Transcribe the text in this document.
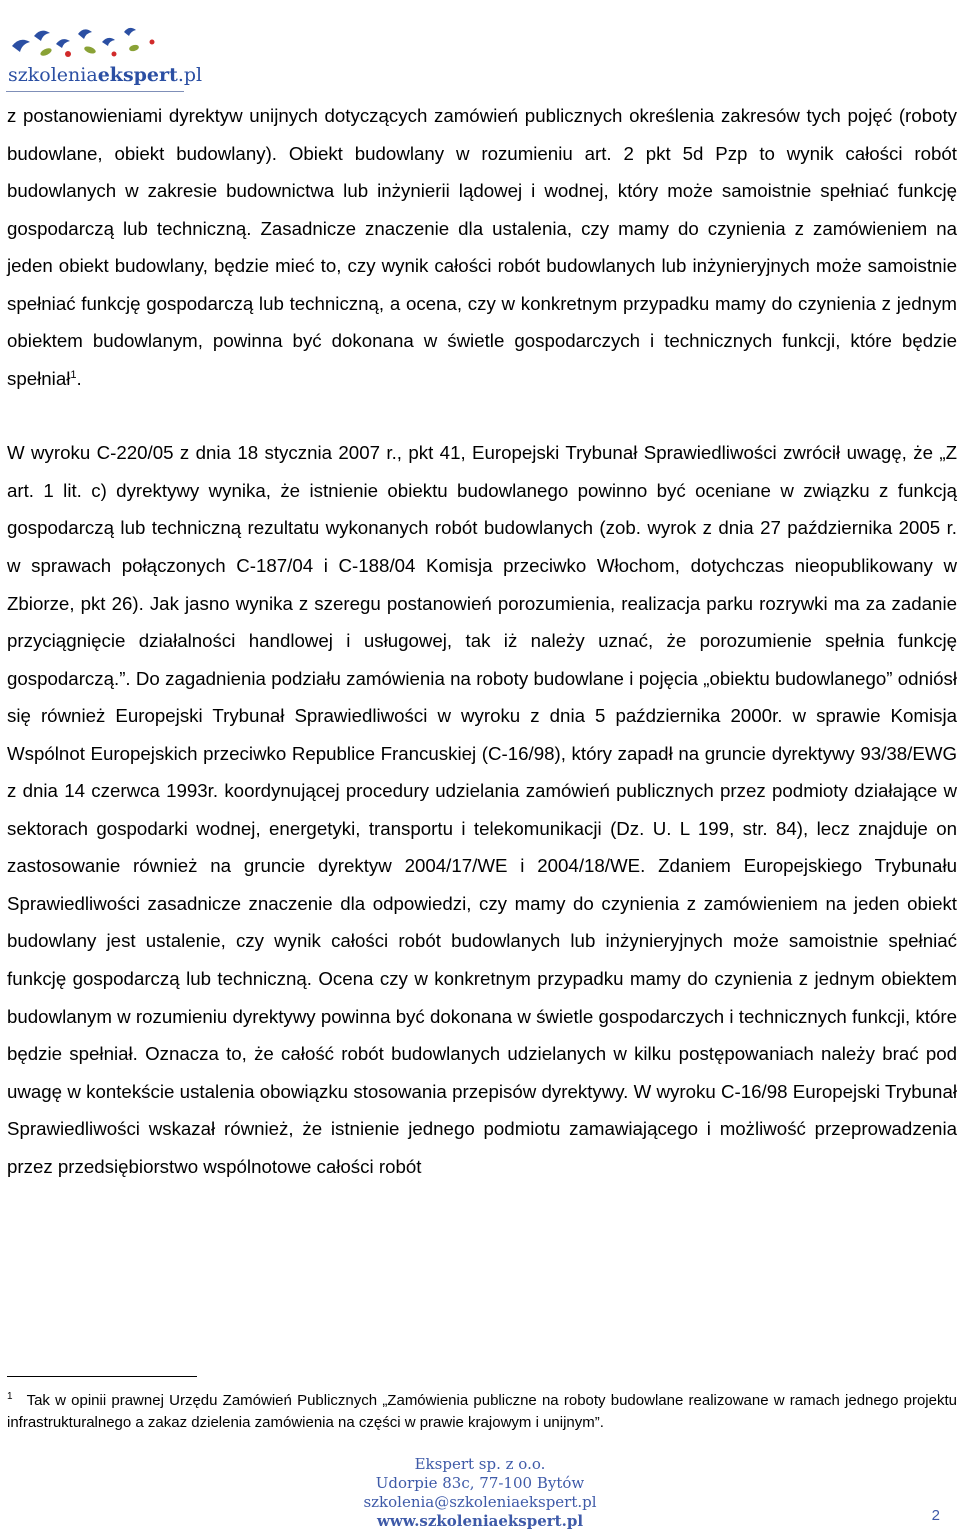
szkoleniaekspert.pl

z postanowieniami dyrektyw unijnych dotyczących zamówień publicznych określenia zakresów tych pojęć (roboty budowlane, obiekt budowlany). Obiekt budowlany w rozumieniu art. 2 pkt 5d Pzp to wynik całości robót budowlanych w zakresie budownictwa lub inżynierii lądowej i wodnej, który może samoistnie spełniać funkcję gospodarczą lub techniczną. Zasadnicze znaczenie dla ustalenia, czy mamy do czynienia z zamówieniem na jeden obiekt budowlany, będzie mieć to, czy wynik całości robót budowlanych lub inżynieryjnych może samoistnie spełniać funkcję gospodarczą lub techniczną, a ocena, czy w konkretnym przypadku mamy do czynienia z jednym obiektem budowlanym, powinna być dokonana w świetle gospodarczych i technicznych funkcji, które będzie spełniał$^1$.

W wyroku C-220/05 z dnia 18 stycznia 2007 r., pkt 41, Europejski Trybunał Sprawiedliwości zwrócił uwagę, że „Z art. 1 lit. c) dyrektywy wynika, że istnienie obiektu budowlanego powinno być oceniane w związku z funkcją gospodarczą lub techniczną rezultatu wykonanych robót budowlanych (zob. wyrok z dnia 27 października 2005 r. w sprawach połączonych C-187/04 i C-188/04 Komisja przeciwko Włochom, dotychczas nieopublikowany w Zbiorze, pkt 26). Jak jasno wynika z szeregu postanowień porozumienia, realizacja parku rozrywki ma za zadanie przyciągnięcie działalności handlowej i usługowej, tak iż należy uznać, że porozumienie spełnia funkcję gospodarczą.”. Do zagadnienia podziału zamówienia na roboty budowlane i pojęcia „obiektu budowlanego” odniósł się również Europejski Trybunał Sprawiedliwości w wyroku z dnia 5 października 2000r. w sprawie Komisja Wspólnot Europejskich przeciwko Republice Francuskiej (C-16/98), który zapadł na gruncie dyrektywy 93/38/EWG z dnia 14 czerwca 1993r. koordynującej procedury udzielania zamówień publicznych przez podmioty działające w sektorach gospodarki wodnej, energetyki, transportu i telekomunikacji (Dz. U. L 199, str. 84), lecz znajduje on zastosowanie również na gruncie dyrektyw 2004/17/WE i 2004/18/WE. Zdaniem Europejskiego Trybunału Sprawiedliwości zasadnicze znaczenie dla odpowiedzi, czy mamy do czynienia z zamówieniem na jeden obiekt budowlany jest ustalenie, czy wynik całości robót budowlanych lub inżynieryjnych może samoistnie spełniać funkcję gospodarczą lub techniczną. Ocena czy w konkretnym przypadku mamy do czynienia z jednym obiektem budowlanym w rozumieniu dyrektywy powinna być dokonana w świetle gospodarczych i technicznych funkcji, które będzie spełniał. Oznacza to, że całość robót budowlanych udzielanych w kilku postępowaniach należy brać pod uwagę w kontekście ustalenia obowiązku stosowania przepisów dyrektywy. W wyroku C-16/98 Europejski Trybunał Sprawiedliwości wskazał również, że istnienie jednego podmiotu zamawiającego i możliwość przeprowadzenia przez przedsiębiorstwo wspólnotowe całości robót

$^1$ Tak w opinii prawnej Urzędu Zamówień Publicznych „Zamówienia publiczne na roboty budowlane realizowane w ramach jednego projektu infrastrukturalnego a zakaz dzielenia zamówienia na części w prawie krajowym i unijnym”.
Ekspert sp. z o.o.
Udorpie 83c, 77-100 Bytów
szkolenia@szkoleniaekspert.pl
www.szkoleniaekspert.pl	2
